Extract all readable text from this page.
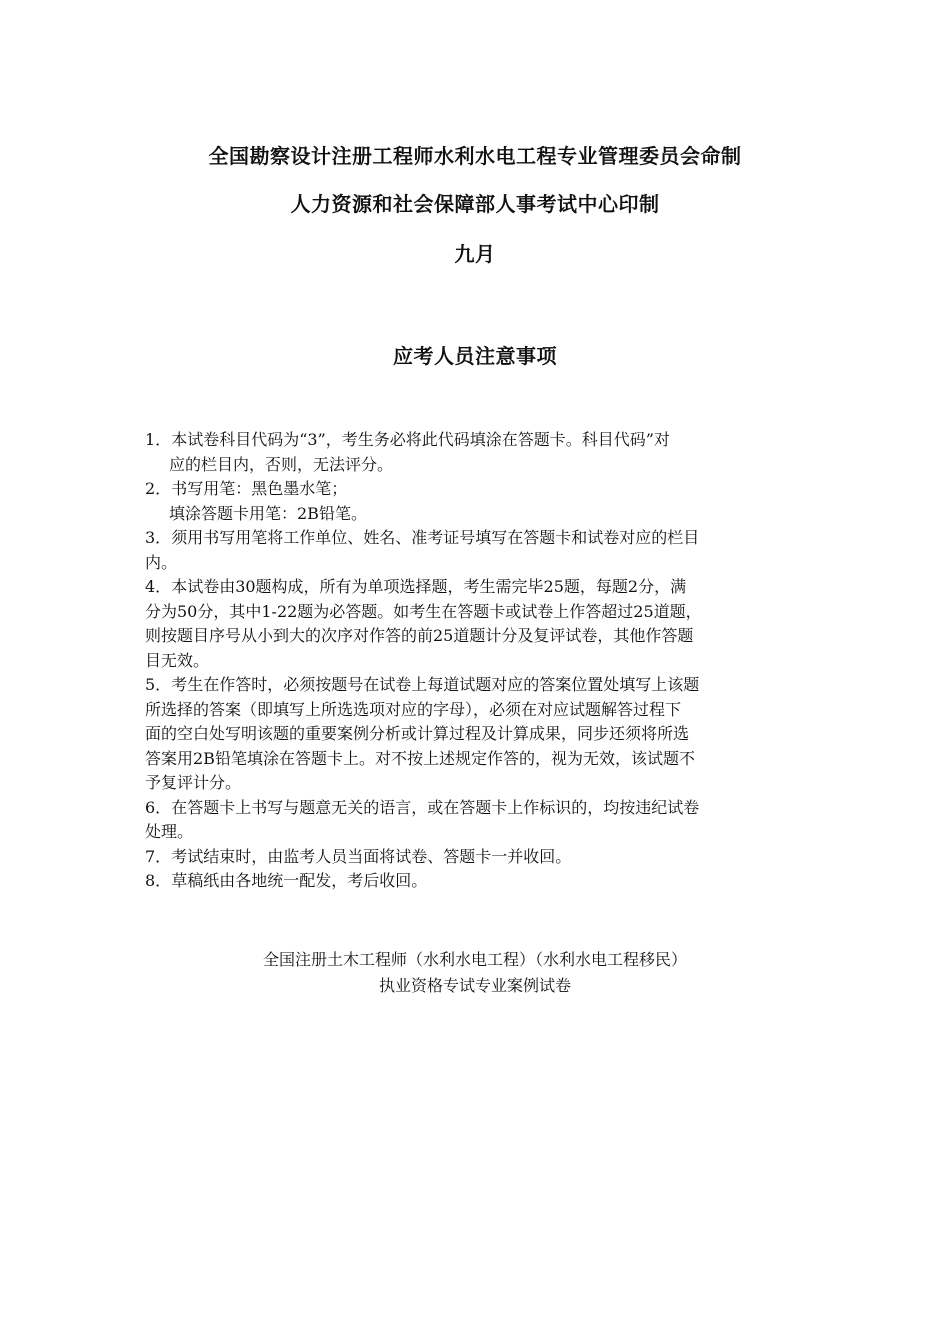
全国勘察设计注册工程师水利水电工程专业管理委员会命制
人力资源和社会保障部人事考试中心印制
九月
应考人员注意事项
1．本试卷科目代码为“3”，考生务必将此代码填涂在答题卡。科目代码”对
应的栏目内，否则，无法评分。
2．书写用笔：黑色墨水笔；
填涂答题卡用笔：2B铅笔。
3．须用书写用笔将工作单位、姓名、准考证号填写在答题卡和试卷对应的栏目
内。
4．本试卷由30题构成，所有为单项选择题，考生需完毕25题，每题2分，满
分为50分，其中1-22题为必答题。如考生在答题卡或试卷上作答超过25道题，
则按题目序号从小到大的次序对作答的前25道题计分及复评试卷，其他作答题
目无效。
5．考生在作答时，必须按题号在试卷上每道试题对应的答案位置处填写上该题
所选择的答案（即填写上所选选项对应的字母），必须在对应试题解答过程下
面的空白处写明该题的重要案例分析或计算过程及计算成果，同步还须将所选
答案用2B铅笔填涂在答题卡上。对不按上述规定作答的，视为无效，该试题不
予复评计分。
6．在答题卡上书写与题意无关的语言，或在答题卡上作标识的，均按违纪试卷
处理。
7．考试结束时，由监考人员当面将试卷、答题卡一并收回。
8．草稿纸由各地统一配发，考后收回。
全国注册土木工程师（水利水电工程）（水利水电工程移民）
执业资格专试专业案例试卷
